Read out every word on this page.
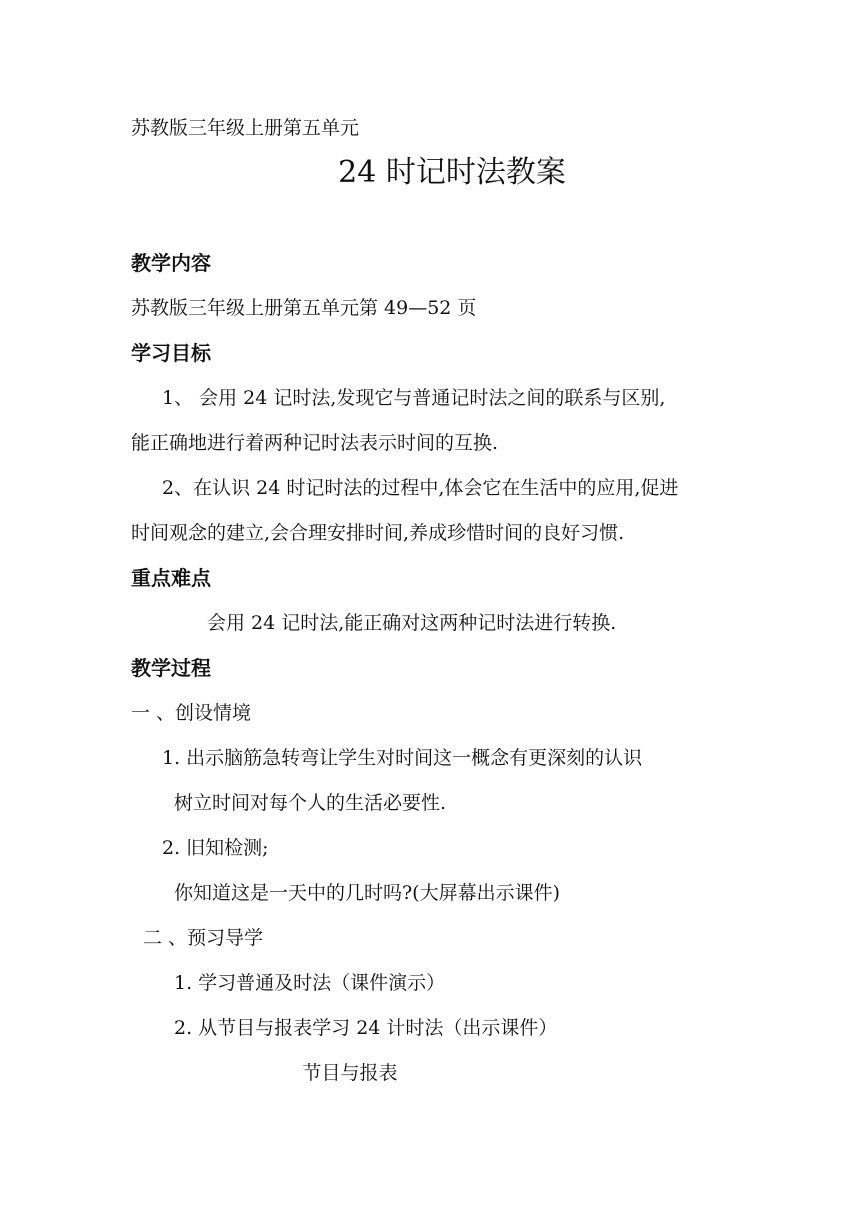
苏教版三年级上册第五单元
24 时记时法教案
教学内容
苏教版三年级上册第五单元第 49—52 页
学习目标
1、 会用 24 记时法,发现它与普通记时法之间的联系与区别,
能正确地进行着两种记时法表示时间的互换.
2、在认识 24 时记时法的过程中,体会它在生活中的应用,促进
时间观念的建立,会合理安排时间,养成珍惜时间的良好习惯.
重点难点
会用 24 记时法,能正确对这两种记时法进行转换.
教学过程
一 、创设情境
1. 出示脑筋急转弯让学生对时间这一概念有更深刻的认识
树立时间对每个人的生活必要性.
2. 旧知检测;
你知道这是一天中的几时吗?(大屏幕出示课件)
二 、预习导学
1. 学习普通及时法（课件演示）
2. 从节目与报表学习 24 计时法（出示课件）
节目与报表
